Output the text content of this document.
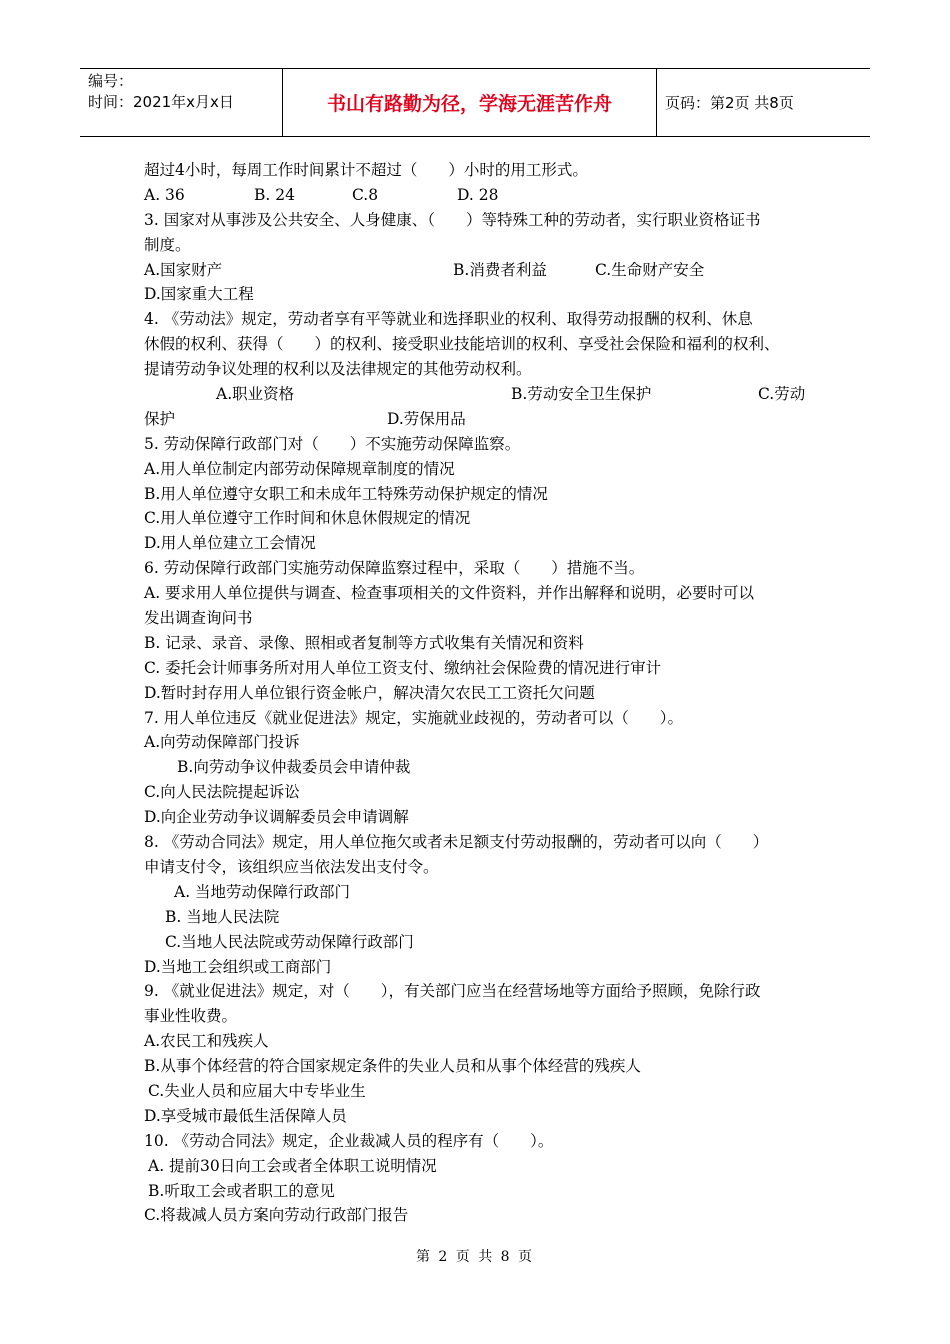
编号：
时间：2021年x月x日	书山有路勤为径，学海无涯苦作舟	页码：第2页 共8页
超过4小时，每周工作时间累计不超过（　　）小时的用工形式。
A. 36	B. 24	C.8	D. 28
3. 国家对从事涉及公共安全、人身健康、（　　）等特殊工种的劳动者，实行职业资格证书
制度。
A.国家财产	B.消费者利益	C.生命财产安全
D.国家重大工程
4. 《劳动法》规定，劳动者享有平等就业和选择职业的权利、取得劳动报酬的权利、休息
休假的权利、获得（　　）的权利、接受职业技能培训的权利、享受社会保险和福利的权利、
提请劳动争议处理的权利以及法律规定的其他劳动权利。
A.职业资格	B.劳动安全卫生保护	C.劳动
保护	D.劳保用品
5. 劳动保障行政部门对（　　）不实施劳动保障监察。
A.用人单位制定内部劳动保障规章制度的情况
B.用人单位遵守女职工和未成年工特殊劳动保护规定的情况
C.用人单位遵守工作时间和休息休假规定的情况
D.用人单位建立工会情况
6. 劳动保障行政部门实施劳动保障监察过程中，采取（　　）措施不当。
A. 要求用人单位提供与调查、检查事项相关的文件资料，并作出解释和说明，必要时可以
发出调查询问书
B. 记录、录音、录像、照相或者复制等方式收集有关情况和资料
C. 委托会计师事务所对用人单位工资支付、缴纳社会保险费的情况进行审计
D.暂时封存用人单位银行资金帐户，解决清欠农民工工资托欠问题
7. 用人单位违反《就业促进法》规定，实施就业歧视的，劳动者可以（　　）。
A.向劳动保障部门投诉
B.向劳动争议仲裁委员会申请仲裁
C.向人民法院提起诉讼
D.向企业劳动争议调解委员会申请调解
8. 《劳动合同法》规定，用人单位拖欠或者未足额支付劳动报酬的，劳动者可以向（　　）
申请支付令，该组织应当依法发出支付令。
A. 当地劳动保障行政部门
B. 当地人民法院
C.当地人民法院或劳动保障行政部门
D.当地工会组织或工商部门
9. 《就业促进法》规定，对（　　），有关部门应当在经营场地等方面给予照顾，免除行政
事业性收费。
A.农民工和残疾人
B.从事个体经营的符合国家规定条件的失业人员和从事个体经营的残疾人
C.失业人员和应届大中专毕业生
D.享受城市最低生活保障人员
10. 《劳动合同法》规定，企业裁减人员的程序有（　　）。
A. 提前30日向工会或者全体职工说明情况
B.听取工会或者职工的意见
C.将裁减人员方案向劳动行政部门报告
第 2 页 共 8 页
